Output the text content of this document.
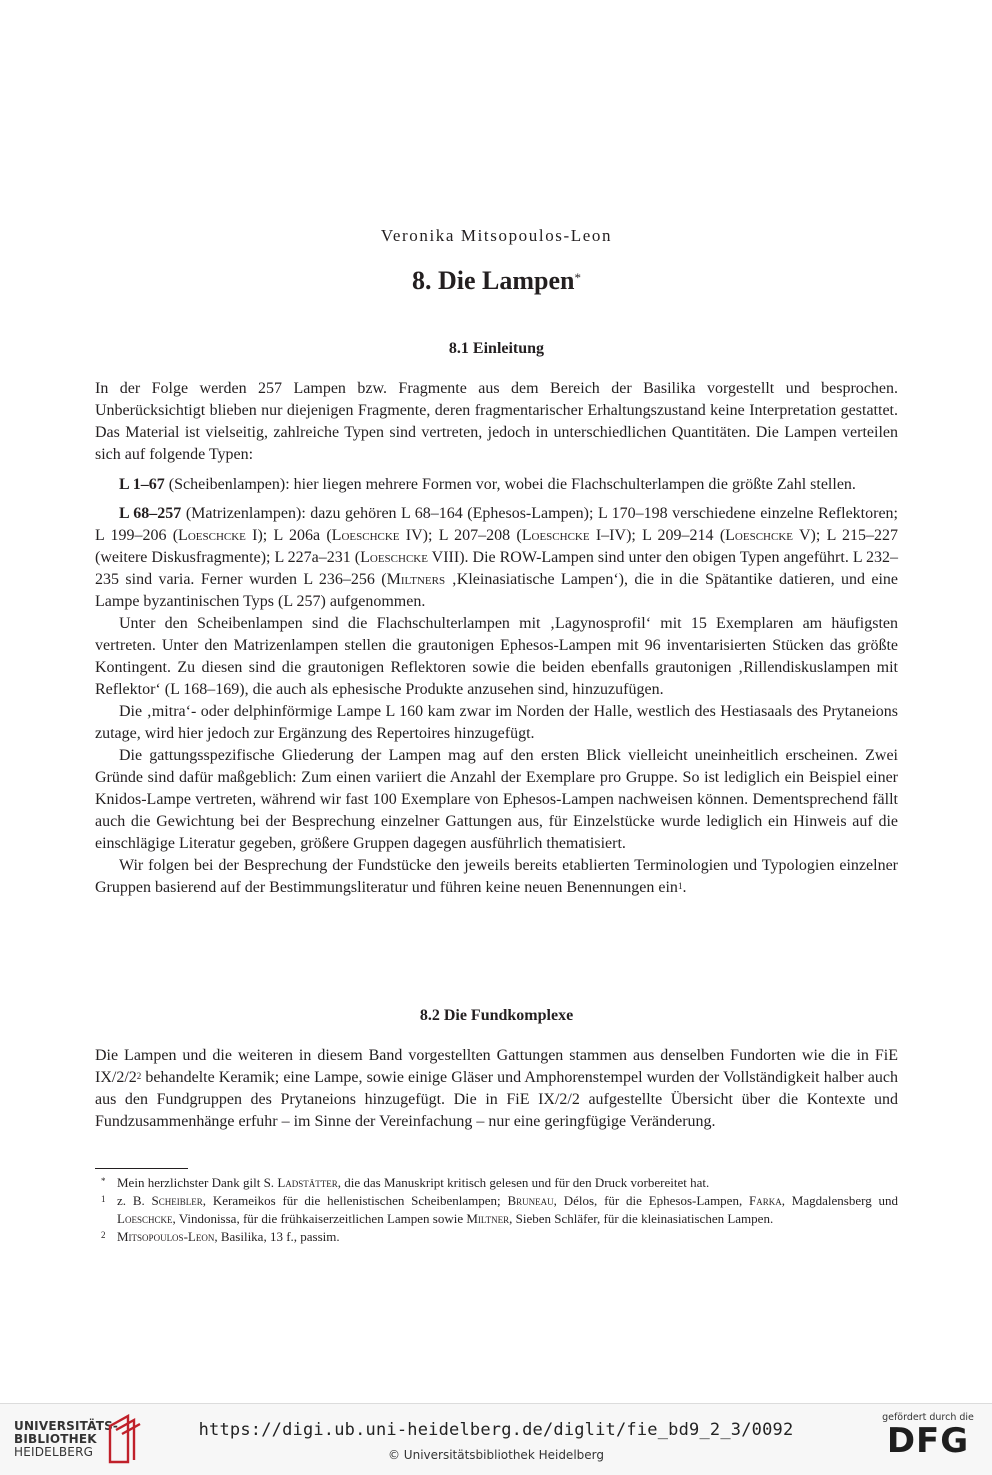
Veronika Mitsopoulos-Leon
8. Die Lampen*
8.1 Einleitung

In der Folge werden 257 Lampen bzw. Fragmente aus dem Bereich der Basilika vorgestellt und besprochen. Unberücksichtigt blieben nur diejenigen Fragmente, deren fragmentarischer Erhaltungszustand keine Interpretation gestattet. Das Material ist vielseitig, zahlreiche Typen sind vertreten, jedoch in unterschiedlichen Quantitäten. Die Lampen verteilen sich auf folgende Typen:

L 1–67 (Scheibenlampen): hier liegen mehrere Formen vor, wobei die Flachschulterlampen die größte Zahl stellen.

L 68–257 (Matrizenlampen): dazu gehören L 68–164 (Ephesos-Lampen); L 170–198 verschiedene einzelne Reflektoren; L 199–206 (Loeschcke I); L 206a (Loeschcke IV); L 207–208 (Loeschcke I–IV); L 209–214 (Loeschcke V); L 215–227 (weitere Diskusfragmente); L 227a–231 (Loeschcke VIII). Die ROW-Lampen sind unter den obigen Typen angeführt. L 232–235 sind varia. Ferner wurden L 236–256 (Miltners ‚Kleinasiatische Lampen‘), die in die Spätantike datieren, und eine Lampe byzantinischen Typs (L 257) aufgenommen.

Unter den Scheibenlampen sind die Flachschulterlampen mit ‚Lagynosprofil‘ mit 15 Exemplaren am häufigsten vertreten. Unter den Matrizenlampen stellen die grautonigen Ephesos-Lampen mit 96 inventarisierten Stücken das größte Kontingent. Zu diesen sind die grautonigen Reflektoren sowie die beiden ebenfalls grautonigen ‚Rillendiskuslampen mit Reflektor‘ (L 168–169), die auch als ephesische Produkte anzusehen sind, hinzuzufügen.

Die ‚mitra‘- oder delphinförmige Lampe L 160 kam zwar im Norden der Halle, westlich des Hestiasaals des Prytaneions zutage, wird hier jedoch zur Ergänzung des Repertoires hinzugefügt.

Die gattungsspezifische Gliederung der Lampen mag auf den ersten Blick vielleicht uneinheitlich erscheinen. Zwei Gründe sind dafür maßgeblich: Zum einen variiert die Anzahl der Exemplare pro Gruppe. So ist lediglich ein Beispiel einer Knidos-Lampe vertreten, während wir fast 100 Exemplare von Ephesos-Lampen nachweisen können. Dementsprechend fällt auch die Gewichtung bei der Besprechung einzelner Gattungen aus, für Einzelstücke wurde lediglich ein Hinweis auf die einschlägige Literatur gegeben, größere Gruppen dagegen ausführlich thematisiert.

Wir folgen bei der Besprechung der Fundstücke den jeweils bereits etablierten Terminologien und Typologien einzelner Gruppen basierend auf der Bestimmungsliteratur und führen keine neuen Benennungen ein$^1$.

8.2 Die Fundkomplexe

Die Lampen und die weiteren in diesem Band vorgestellten Gattungen stammen aus denselben Fundorten wie die in FiE IX/2/2$^2$ behandelte Keramik; eine Lampe, sowie einige Gläser und Amphorenstempel wurden der Vollständigkeit halber auch aus den Fundgruppen des Prytaneions hinzugefügt. Die in FiE IX/2/2 aufgestellte Übersicht über die Kontexte und Fundzusammenhänge erfuhr – im Sinne der Vereinfachung – nur eine geringfügige Veränderung.

* Mein herzlichster Dank gilt S. Ladstätter, die das Manuskript kritisch gelesen und für den Druck vorbereitet hat.
1 z. B. Scheibler, Kerameikos für die hellenistischen Scheibenlampen; Bruneau, Délos, für die Ephesos-Lampen, Farka, Magdalensberg und Loeschcke, Vindonissa, für die frühkaiserzeitlichen Lampen sowie Miltner, Sieben Schläfer, für die kleinasiatischen Lampen.
2 Mitsopoulos-Leon, Basilika, 13 f., passim.
UNIVERSITÄTS-
BIBLIOTHEK
HEIDELBERG
https://digi.ub.uni-heidelberg.de/diglit/fie_bd9_2_3/0092
© Universitätsbibliothek Heidelberg
gefördert durch die
DFG
